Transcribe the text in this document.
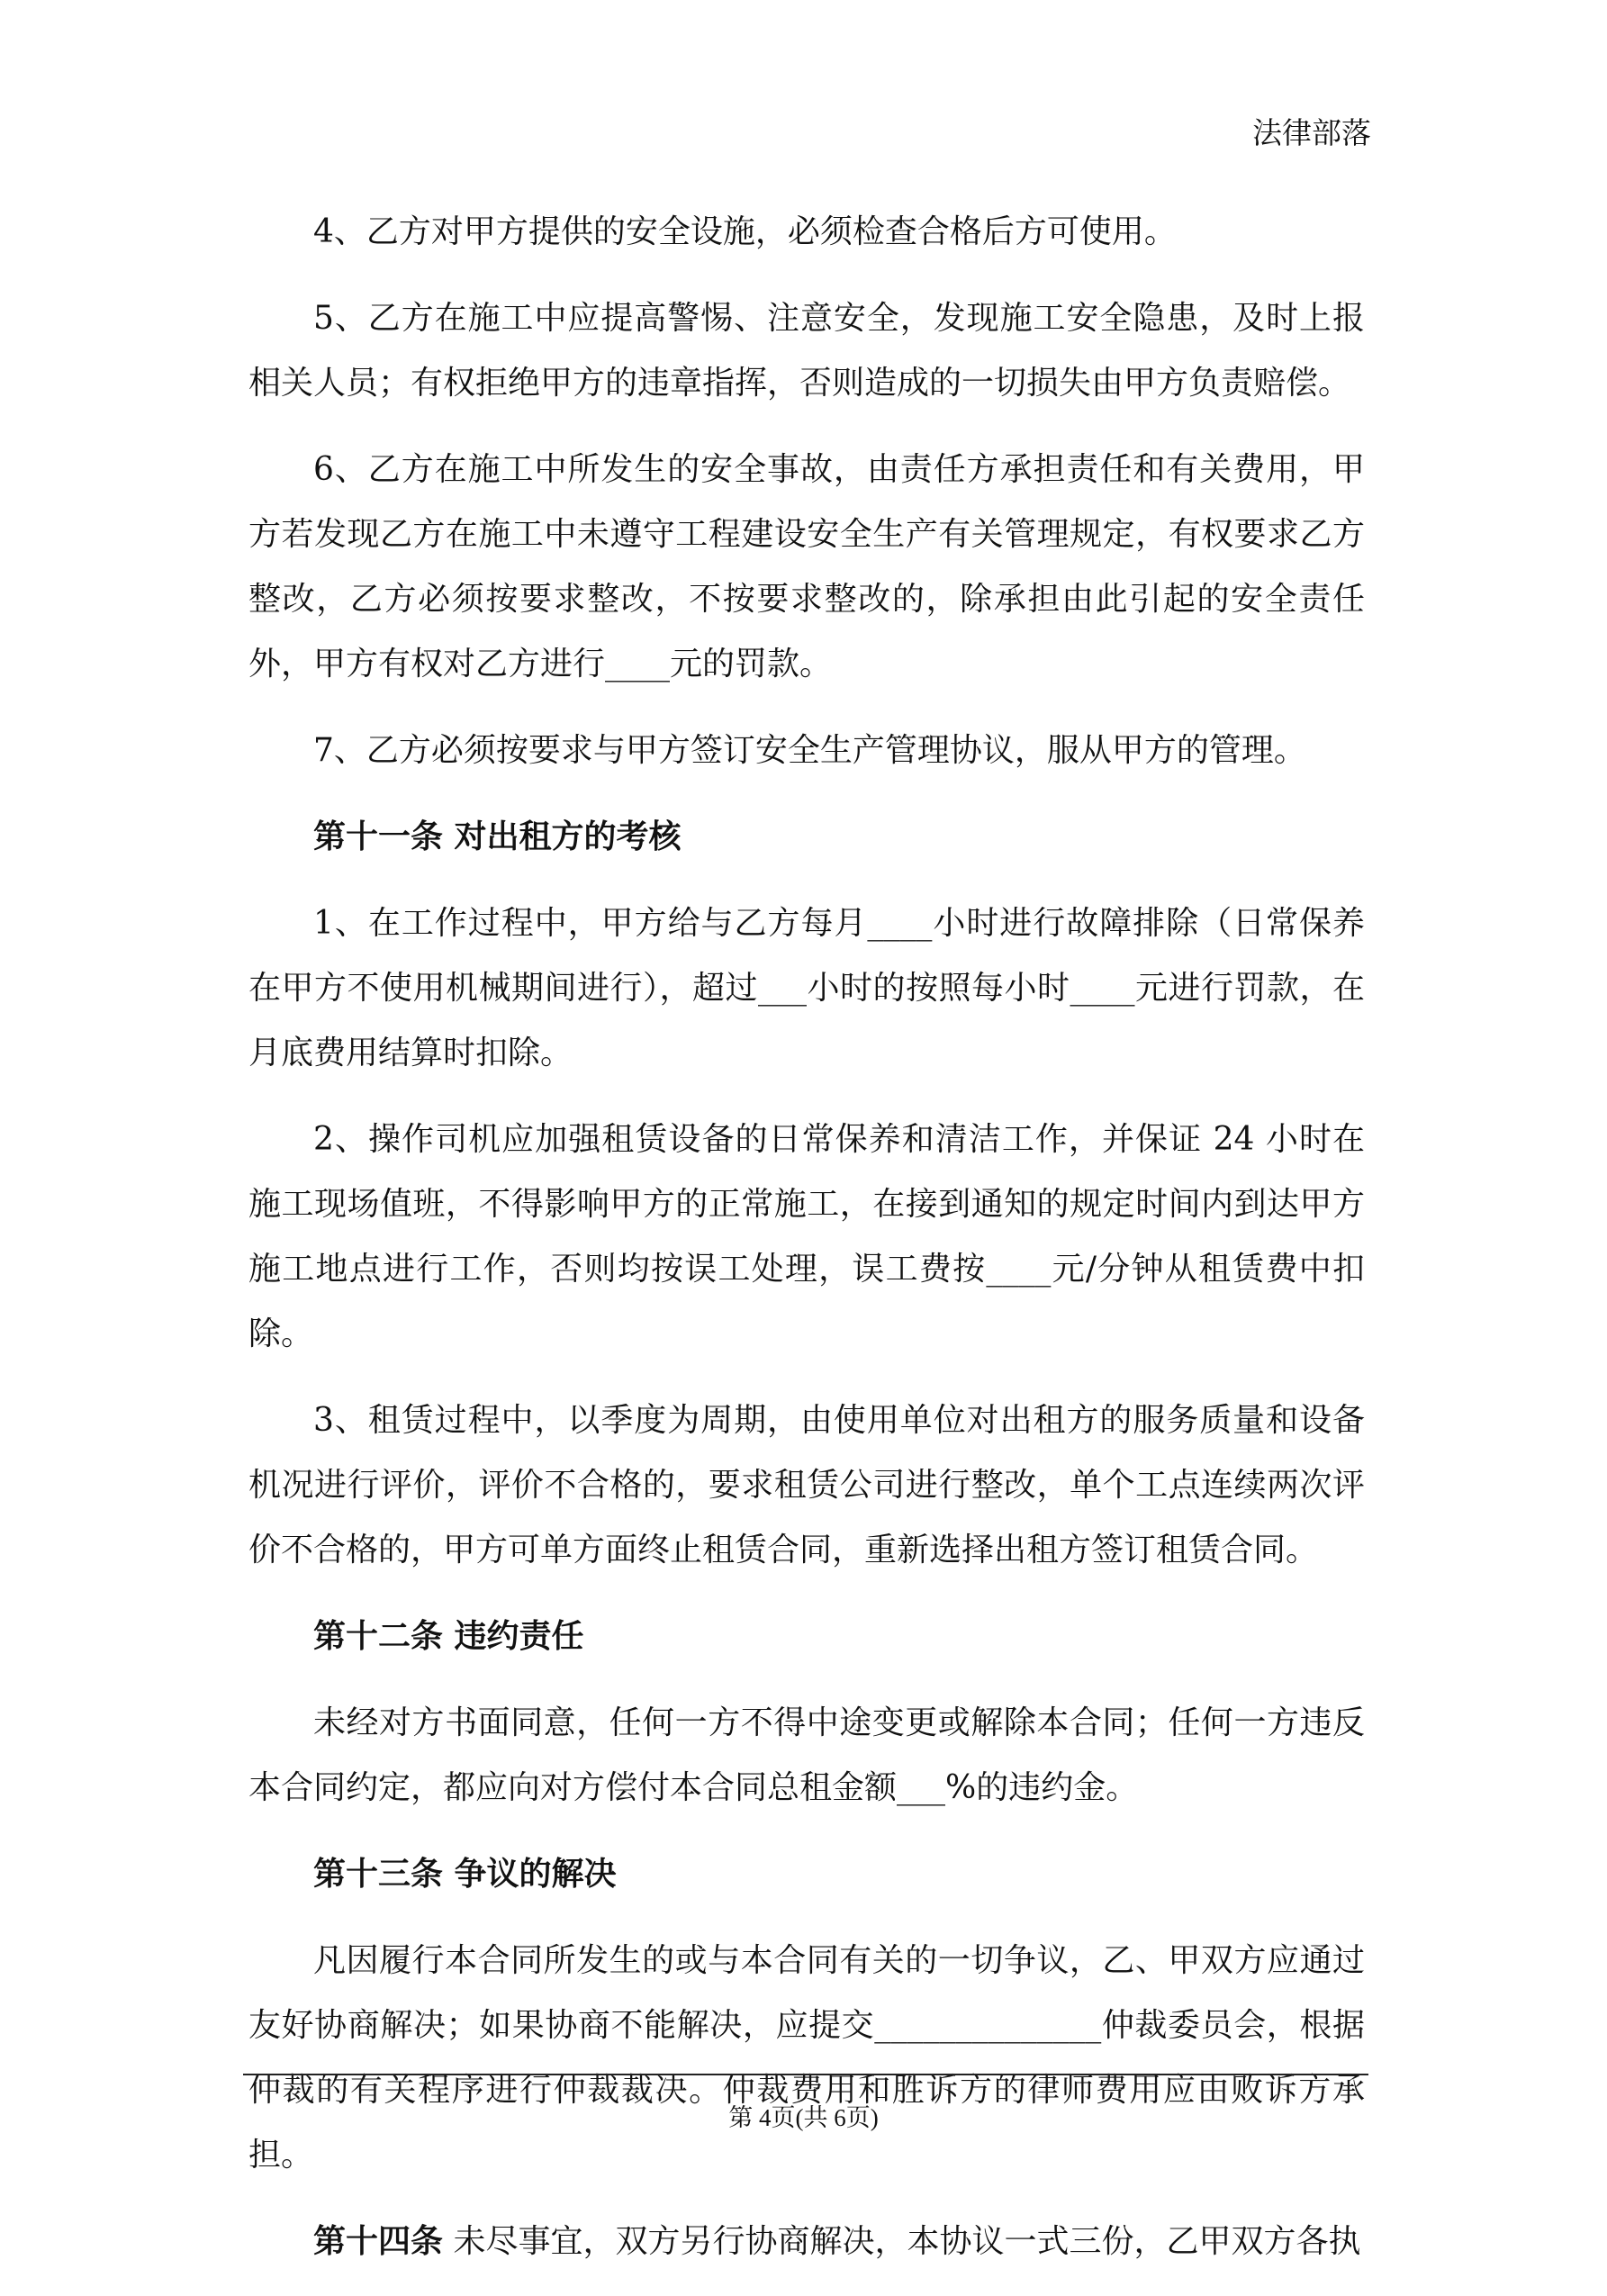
法律部落

4、乙方对甲方提供的安全设施，必须检查合格后方可使用。

5、乙方在施工中应提高警惕、注意安全，发现施工安全隐患，及时上报相关人员；有权拒绝甲方的违章指挥，否则造成的一切损失由甲方负责赔偿。

6、乙方在施工中所发生的安全事故，由责任方承担责任和有关费用，甲方若发现乙方在施工中未遵守工程建设安全生产有关管理规定，有权要求乙方整改，乙方必须按要求整改，不按要求整改的，除承担由此引起的安全责任外，甲方有权对乙方进行____元的罚款。

7、乙方必须按要求与甲方签订安全生产管理协议，服从甲方的管理。

第十一条 对出租方的考核

1、在工作过程中，甲方给与乙方每月____小时进行故障排除（日常保养在甲方不使用机械期间进行），超过___小时的按照每小时____元进行罚款，在月底费用结算时扣除。

2、操作司机应加强租赁设备的日常保养和清洁工作，并保证 24 小时在施工现场值班，不得影响甲方的正常施工，在接到通知的规定时间内到达甲方施工地点进行工作，否则均按误工处理，误工费按____元/分钟从租赁费中扣除。

3、租赁过程中，以季度为周期，由使用单位对出租方的服务质量和设备机况进行评价，评价不合格的，要求租赁公司进行整改，单个工点连续两次评价不合格的，甲方可单方面终止租赁合同，重新选择出租方签订租赁合同。

第十二条 违约责任

未经对方书面同意，任何一方不得中途变更或解除本合同；任何一方违反本合同约定，都应向对方偿付本合同总租金额___%的违约金。

第十三条 争议的解决

凡因履行本合同所发生的或与本合同有关的一切争议，乙、甲双方应通过友好协商解决；如果协商不能解决，应提交______________仲裁委员会，根据仲裁的有关程序进行仲裁裁决。仲裁费用和胜诉方的律师费用应由败诉方承担。

第十四条 未尽事宜，双方另行协商解决，本协议一式三份，乙甲双方各执

第 4页(共 6页)
